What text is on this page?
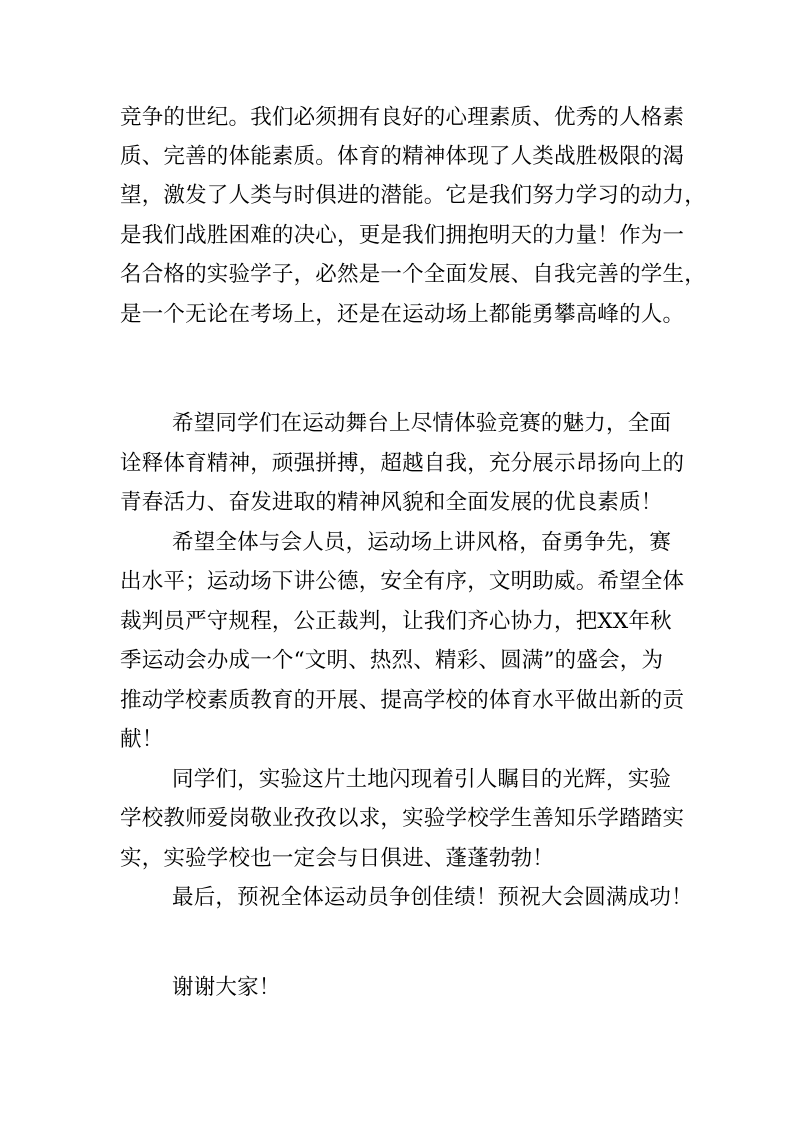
竞争的世纪。我们必须拥有良好的心理素质、优秀的人格素
质、完善的体能素质。体育的精神体现了人类战胜极限的渴
望，激发了人类与时俱进的潜能。它是我们努力学习的动力，
是我们战胜困难的决心，更是我们拥抱明天的力量！作为一
名合格的实验学子，必然是一个全面发展、自我完善的学生，
是一个无论在考场上，还是在运动场上都能勇攀高峰的人。
希望同学们在运动舞台上尽情体验竞赛的魅力，全面
诠释体育精神，顽强拼搏，超越自我，充分展示昂扬向上的
青春活力、奋发进取的精神风貌和全面发展的优良素质！
希望全体与会人员，运动场上讲风格，奋勇争先，赛
出水平；运动场下讲公德，安全有序，文明助威。希望全体
裁判员严守规程，公正裁判，让我们齐心协力，把XX年秋
季运动会办成一个“文明、热烈、精彩、圆满”的盛会，为
推动学校素质教育的开展、提高学校的体育水平做出新的贡
献！
同学们，实验这片土地闪现着引人瞩目的光辉，实验
学校教师爱岗敬业孜孜以求，实验学校学生善知乐学踏踏实
实，实验学校也一定会与日俱进、蓬蓬勃勃！
最后，预祝全体运动员争创佳绩！预祝大会圆满成功！
谢谢大家！
